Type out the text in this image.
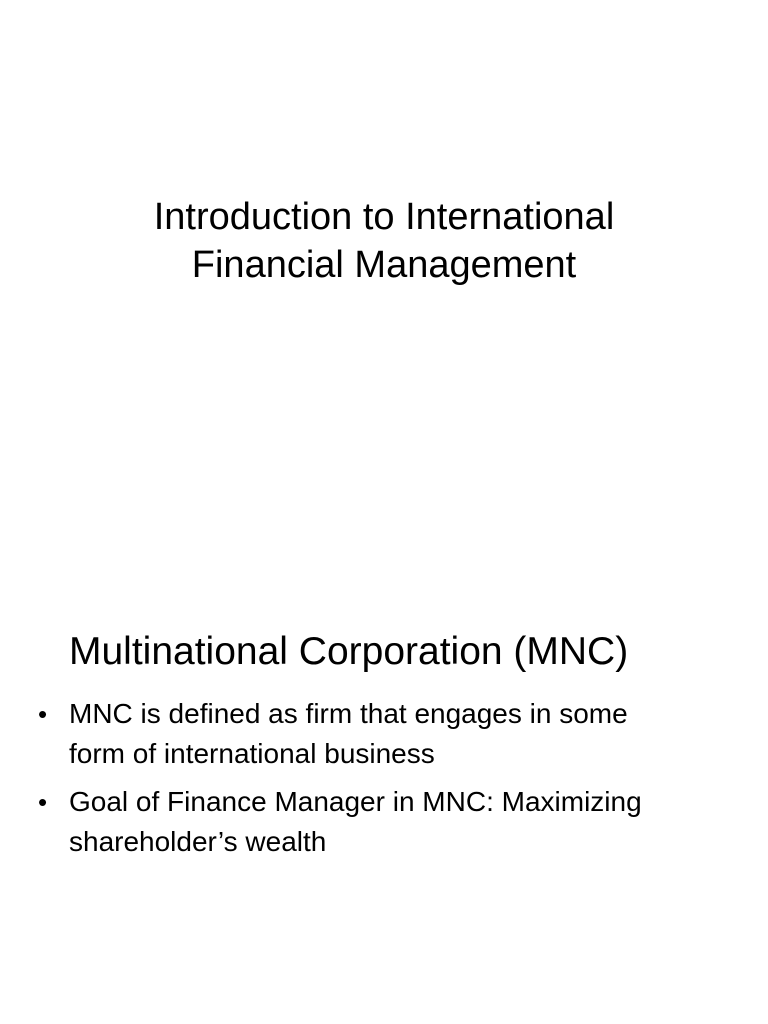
Introduction to International
Financial Management
Multinational Corporation (MNC)
• MNC is defined as firm that engages in some
form of international business
• Goal of Finance Manager in MNC: Maximizing
shareholder’s wealth
